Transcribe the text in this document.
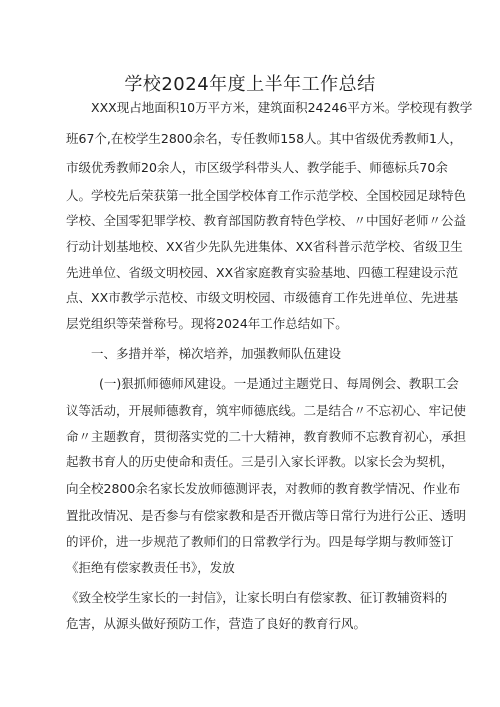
学校2024年度上半年工作总结
XXX现占地面积10万平方米，建筑面积24246平方米。学校现有教学
班67个,在校学生2800余名，专任教师158人。其中省级优秀教师1人，
市级优秀教师20余人，市区级学科带头人、教学能手、师德标兵70余
人。学校先后荣获第一批全国学校体育工作示范学校、全国校园足球特色
学校、全国零犯罪学校、教育部国防教育特色学校、〃中国好老师〃公益
行动计划基地校、XX省少先队先进集体、XX省科普示范学校、省级卫生
先进单位、省级文明校园、XX省家庭教育实验基地、四德工程建设示范
点、XX市教学示范校、市级文明校园、市级德育工作先进单位、先进基
层党组织等荣誉称号。现将2024年工作总结如下。
一、多措并举，梯次培养，加强教师队伍建设
(一)狠抓师德师风建设。一是通过主题党日、每周例会、教职工会
议等活动，开展师德教育，筑牢师德底线。二是结合〃不忘初心、牢记使
命〃主题教育，贯彻落实党的二十大精神，教育教师不忘教育初心，承担
起教书育人的历史使命和责任。三是引入家长评教。以家长会为契机，
向全校2800余名家长发放师德测评表，对教师的教育教学情况、作业布
置批改情况、是否参与有偿家教和是否开微店等日常行为进行公正、透明
的评价，进一步规范了教师们的日常教学行为。四是每学期与教师签订
《拒绝有偿家教责任书》，发放
《致全校学生家长的一封信》，让家长明白有偿家教、征订教辅资料的
危害，从源头做好预防工作，营造了良好的教育行风。
